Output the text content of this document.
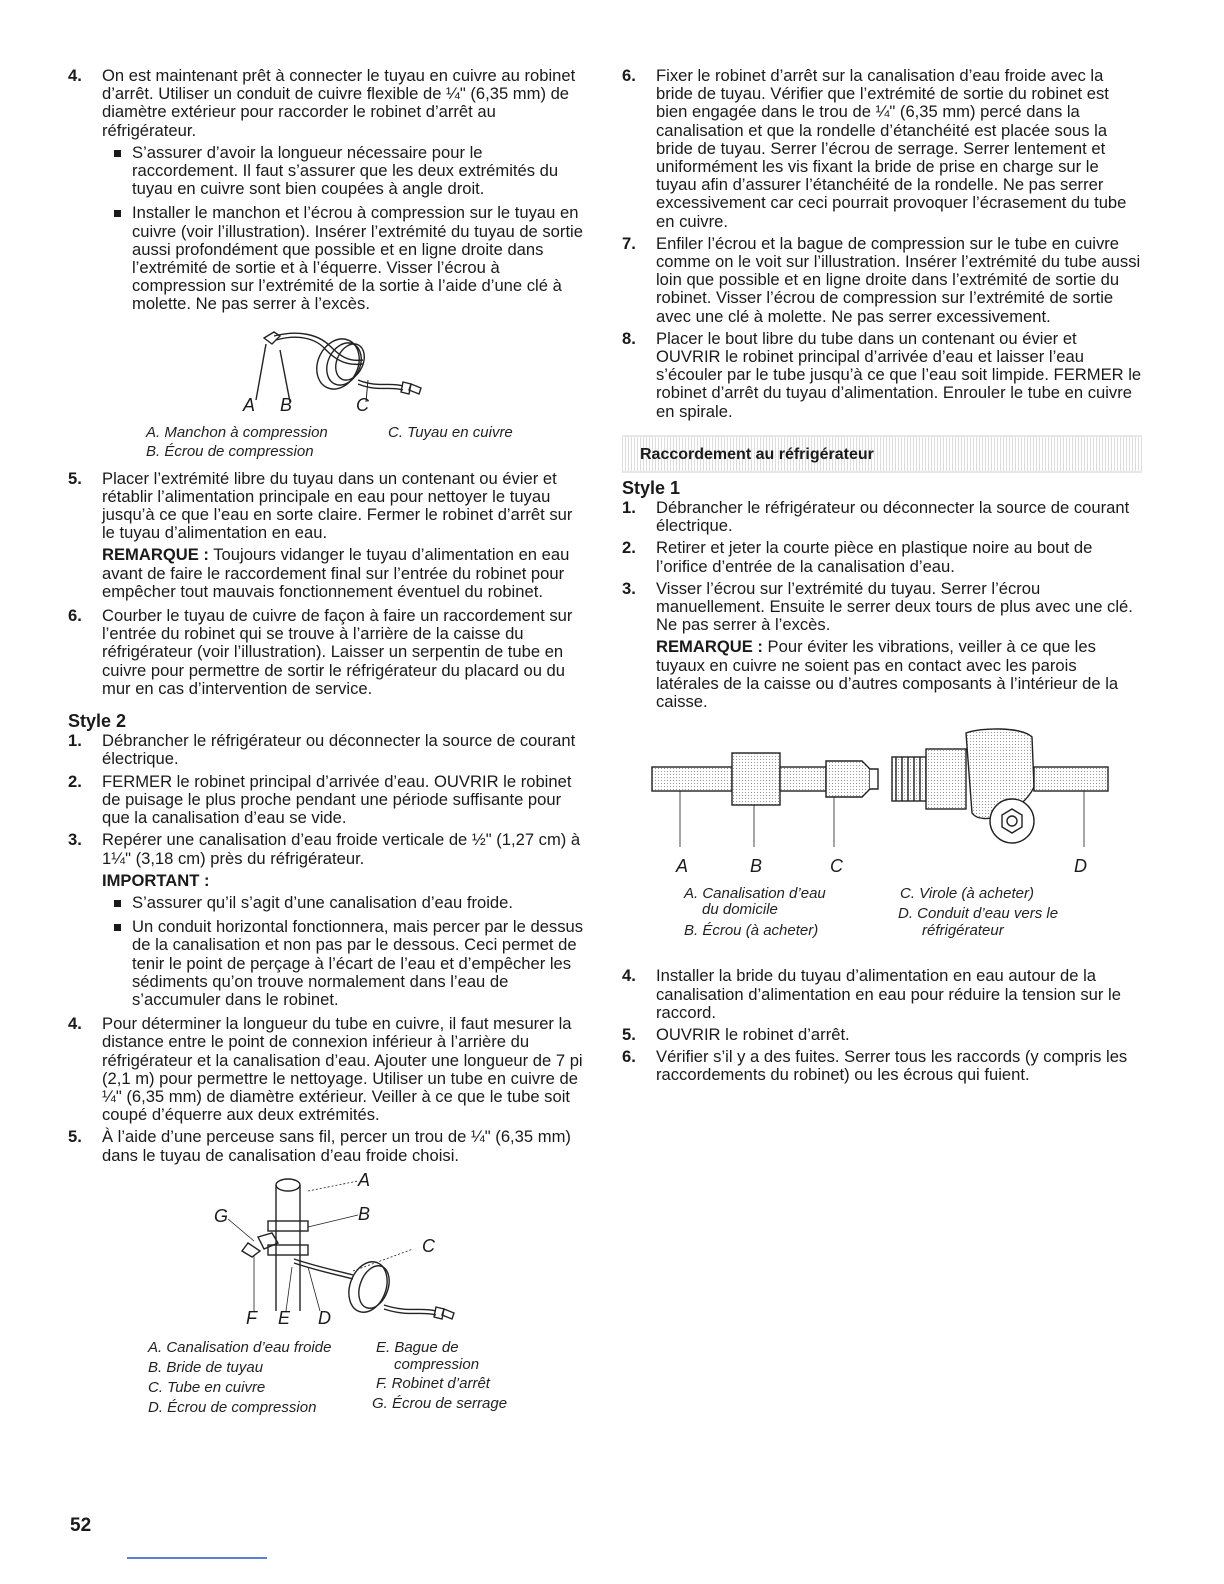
4. On est maintenant prêt à connecter le tuyau en cuivre au robinet d’arrêt. Utiliser un conduit de cuivre flexible de ¼" (6,35 mm) de diamètre extérieur pour raccorder le robinet d’arrêt au réfrigérateur.
S’assurer d’avoir la longueur nécessaire pour le raccordement. Il faut s’assurer que les deux extrémités du tuyau en cuivre sont bien coupées à angle droit.
Installer le manchon et l’écrou à compression sur le tuyau en cuivre (voir l’illustration). Insérer l’extrémité du tuyau de sortie aussi profondément que possible et en ligne droite dans l’extrémité de sortie et à l’équerre. Visser l’écrou à compression sur l’extrémité de la sortie à l’aide d’une clé à molette. Ne pas serrer à l’excès.
A B	C
A. Manchon à compression
B. Écrou de compression
C. Tuyau en cuivre
5. Placer l’extrémité libre du tuyau dans un contenant ou évier et rétablir l’alimentation principale en eau pour nettoyer le tuyau jusqu’à ce que l’eau en sorte claire. Fermer le robinet d’arrêt sur le tuyau d’alimentation en eau.
REMARQUE : Toujours vidanger le tuyau d’alimentation en eau avant de faire le raccordement final sur l’entrée du robinet pour empêcher tout mauvais fonctionnement éventuel du robinet.
6. Courber le tuyau de cuivre de façon à faire un raccordement sur l’entrée du robinet qui se trouve à l’arrière de la caisse du réfrigérateur (voir l’illustration). Laisser un serpentin de tube en cuivre pour permettre de sortir le réfrigérateur du placard ou du mur en cas d’intervention de service.
Style 2
1. Débrancher le réfrigérateur ou déconnecter la source de courant électrique.
2. FERMER le robinet principal d’arrivée d’eau. OUVRIR le robinet de puisage le plus proche pendant une période suffisante pour que la canalisation d’eau se vide.
3. Repérer une canalisation d’eau froide verticale de ½" (1,27 cm) à 1¼" (3,18 cm) près du réfrigérateur.
IMPORTANT :
S’assurer qu’il s’agit d’une canalisation d’eau froide.
Un conduit horizontal fonctionnera, mais percer par le dessus de la canalisation et non pas par le dessous. Ceci permet de tenir le point de perçage à l’écart de l’eau et d’empêcher les sédiments qu’on trouve normalement dans l’eau de s’accumuler dans le robinet.
4. Pour déterminer la longueur du tube en cuivre, il faut mesurer la distance entre le point de connexion inférieur à l’arrière du réfrigérateur et la canalisation d’eau. Ajouter une longueur de 7 pi (2,1 m) pour permettre le nettoyage. Utiliser un tube en cuivre de ¼" (6,35 mm) de diamètre extérieur. Veiller à ce que le tube soit coupé d’équerre aux deux extrémités.
5. À l’aide d’une perceuse sans fil, percer un trou de ¼" (6,35 mm) dans le tuyau de canalisation d’eau froide choisi.
A
B
C
D
E
F
G
A. Canalisation d’eau froide
B. Bride de tuyau
C. Tube en cuivre
D. Écrou de compression
E. Bague de
compression
F. Robinet d’arrêt
G. Écrou de serrage
6. Fixer le robinet d’arrêt sur la canalisation d’eau froide avec la bride de tuyau. Vérifier que l’extrémité de sortie du robinet est bien engagée dans le trou de ¼" (6,35 mm) percé dans la canalisation et que la rondelle d’étanchéité est placée sous la bride de tuyau. Serrer l’écrou de serrage. Serrer lentement et uniformément les vis fixant la bride de prise en charge sur le tuyau afin d’assurer l’étanchéité de la rondelle. Ne pas serrer excessivement car ceci pourrait provoquer l’écrasement du tube en cuivre.
7. Enfiler l’écrou et la bague de compression sur le tube en cuivre comme on le voit sur l’illustration. Insérer l’extrémité du tube aussi loin que possible et en ligne droite dans l’extrémité de sortie du robinet. Visser l’écrou de compression sur l’extrémité de sortie avec une clé à molette. Ne pas serrer excessivement.
8. Placer le bout libre du tube dans un contenant ou évier et OUVRIR le robinet principal d’arrivée d’eau et laisser l’eau s’écouler par le tube jusqu’à ce que l’eau soit limpide. FERMER le robinet d’arrêt du tuyau d’alimentation. Enrouler le tube en cuivre en spirale.
Raccordement au réfrigérateur
Style 1
1. Débrancher le réfrigérateur ou déconnecter la source de courant électrique.
2. Retirer et jeter la courte pièce en plastique noire au bout de l’orifice d’entrée de la canalisation d’eau.
3. Visser l’écrou sur l’extrémité du tuyau. Serrer l’écrou manuellement. Ensuite le serrer deux tours de plus avec une clé. Ne pas serrer à l’excès.
REMARQUE : Pour éviter les vibrations, veiller à ce que les tuyaux en cuivre ne soient pas en contact avec les parois latérales de la caisse ou d’autres composants à l’intérieur de la caisse.
A	B	C	D
A. Canalisation d’eau
du domicile
B. Écrou (à acheter)
C. Virole (à acheter)
D. Conduit d’eau vers le
réfrigérateur
4. Installer la bride du tuyau d’alimentation en eau autour de la canalisation d’alimentation en eau pour réduire la tension sur le raccord.
5. OUVRIR le robinet d’arrêt.
6. Vérifier s’il y a des fuites. Serrer tous les raccords (y compris les raccordements du robinet) ou les écrous qui fuient.
52
